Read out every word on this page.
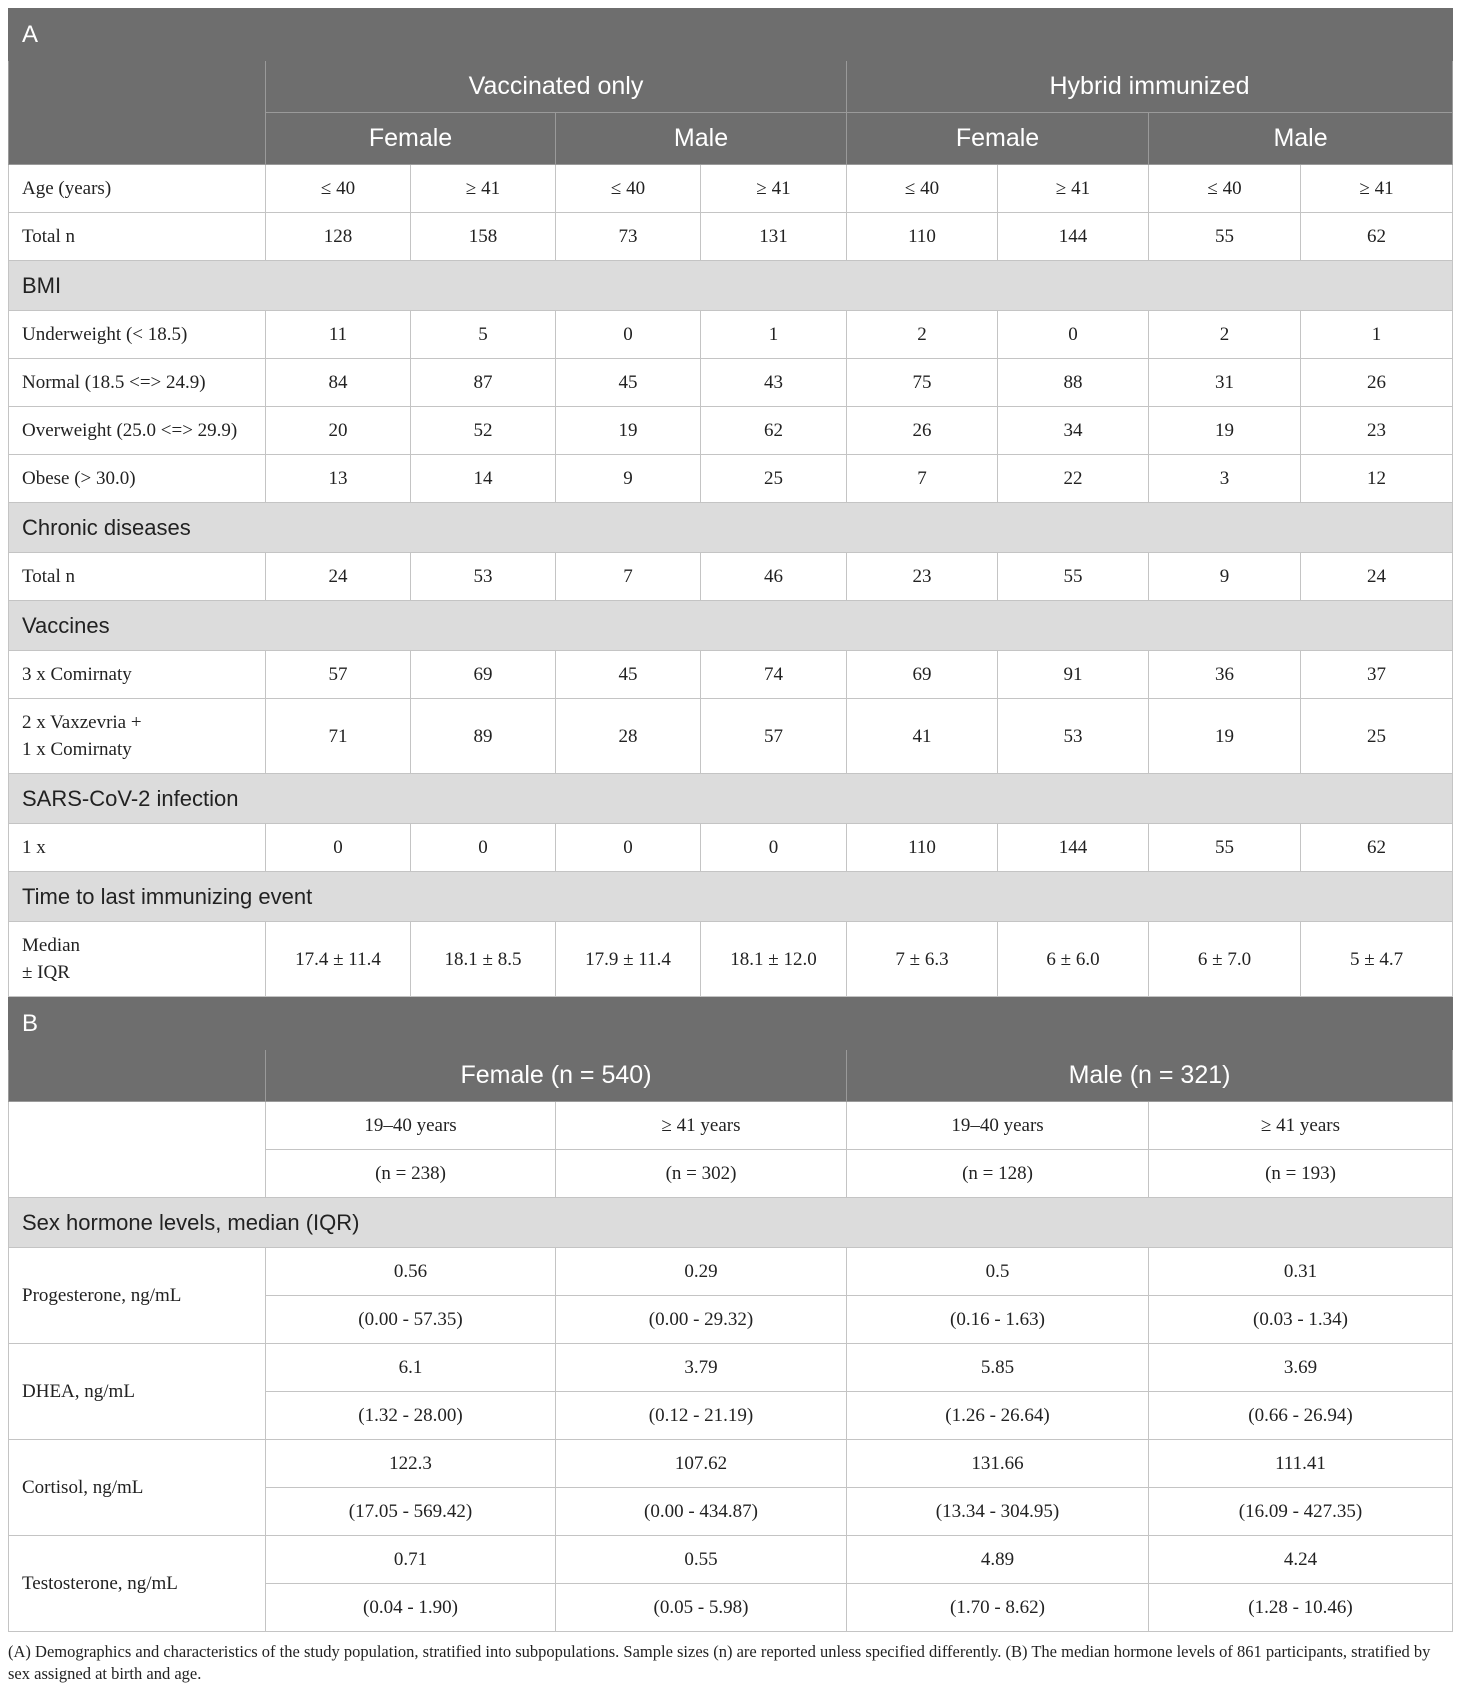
A								
	Vaccinated only				Hybrid immunized			
	Female		Male		Female		Male	
Age (years)	≤ 40	≥ 41	≤ 40	≥ 41	≤ 40	≥ 41	≤ 40	≥ 41
Total n	128	158	73	131	110	144	55	62
BMI								

Underweight (< 18.5)	11	5	0	1	2	0	2	1

Normal (18.5 <=> 24.9)	84	87	45	43	75	88	31	26

Overweight (25.0 <=> 29.9)	20	52	19	62	26	34	19	23

Obese (> 30.0)	13	14	9	25	7	22	3	12
Chronic diseases								

Total n	24	53	7	46	23	55	9	24
Vaccines								

3 x Comirnaty	57	69	45	74	69	91	36	37

2 x Vaxzevria +
1 x Comirnaty	71	89	28	57	41	53	19	25
SARS-CoV-2 infection								

1 x	0	0	0	0	110	144	55	62
Time to last immunizing event								

Median
± IQR	17.4 ± 11.4	18.1 ± 8.5	17.9 ± 11.4	18.1 ± 12.0	7 ± 6.3	6 ± 6.0	6 ± 7.0	5 ± 4.7
B				
	Female (n = 540)		Male (n = 321)	
	19–40 years	≥ 41 years	19–40 years	≥ 41 years
	(n = 238)	(n = 302)	(n = 128)	(n = 193)
Sex hormone levels, median (IQR)				
Progesterone, ng/mL	0.56	0.29	0.5	0.31
	(0.00 - 57.35)	(0.00 - 29.32)	(0.16 - 1.63)	(0.03 - 1.34)
DHEA, ng/mL	6.1	3.79	5.85	3.69
	(1.32 - 28.00)	(0.12 - 21.19)	(1.26 - 26.64)	(0.66 - 26.94)
Cortisol, ng/mL	122.3	107.62	131.66	111.41
	(17.05 - 569.42)	(0.00 - 434.87)	(13.34 - 304.95)	(16.09 - 427.35)
Testosterone, ng/mL	0.71	0.55	4.89	4.24
	(0.04 - 1.90)	(0.05 - 5.98)	(1.70 - 8.62)	(1.28 - 10.46)
(A) Demographics and characteristics of the study population, stratified into subpopulations. Sample sizes (n) are reported unless specified differently. (B) The median hormone levels of 861 participants, stratified by sex assigned at birth and age.
